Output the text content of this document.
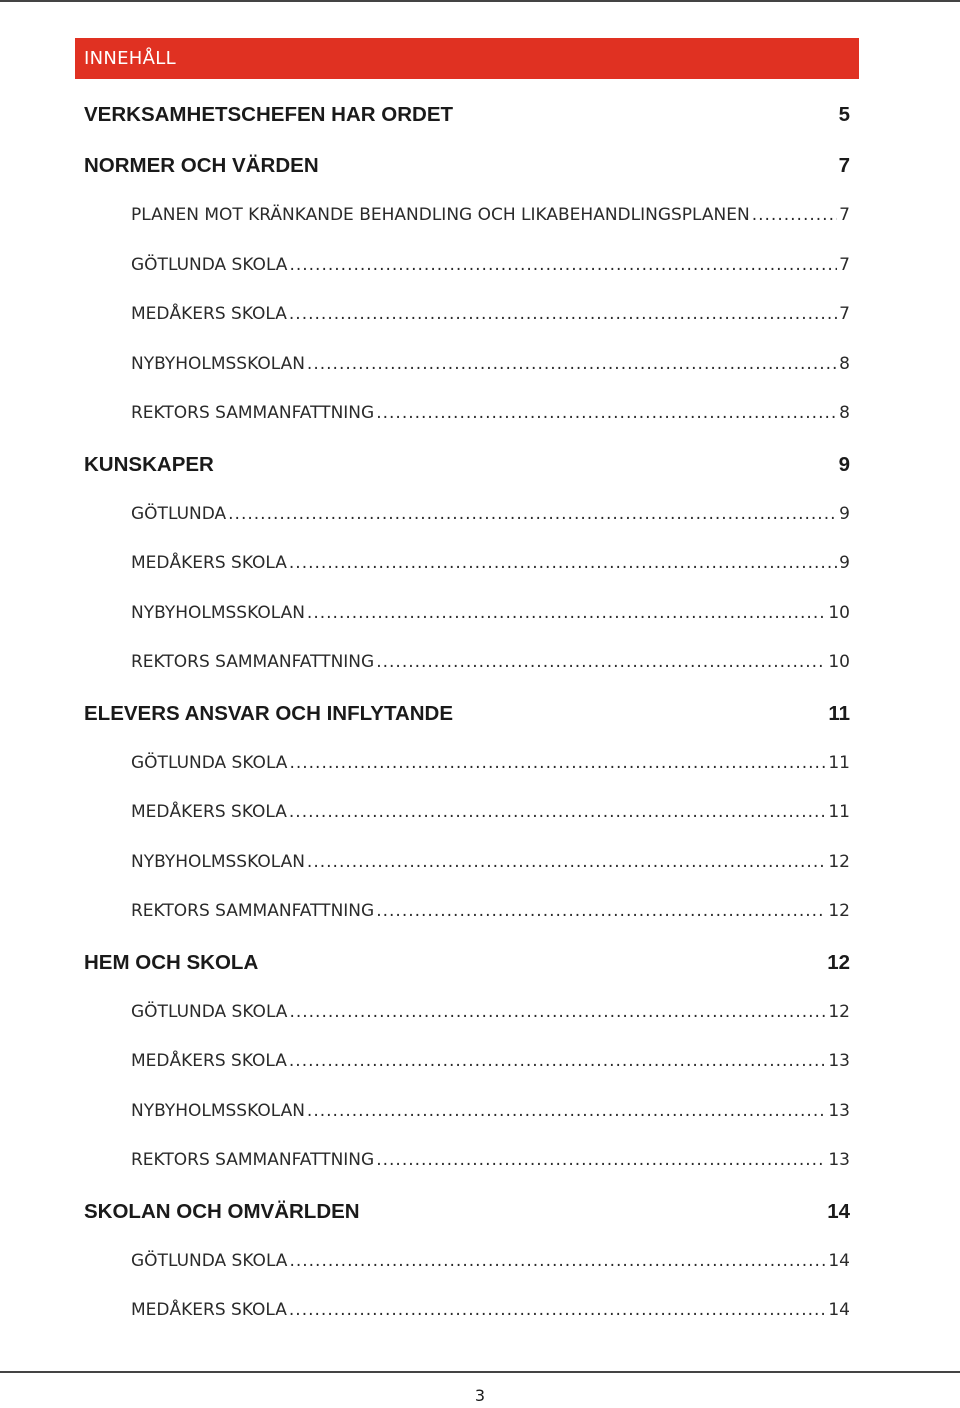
INNEHÅLL
VERKSAMHETSCHEFEN HAR ORDET	5
NORMER OCH VÄRDEN	7
PLANEN MOT KRÄNKANDE BEHANDLING OCH LIKABEHANDLINGSPLANEN .....	7
GÖTLUNDA SKOLA .....	7
MEDÅKERS SKOLA .....	7
NYBYHOLMSSKOLAN .....	8
REKTORS SAMMANFATTNING .....	8
KUNSKAPER	9
GÖTLUNDA .....	9
MEDÅKERS SKOLA .....	9
NYBYHOLMSSKOLAN .....	10
REKTORS SAMMANFATTNING .....	10
ELEVERS ANSVAR OCH INFLYTANDE	11
GÖTLUNDA SKOLA .....	11
MEDÅKERS SKOLA .....	11
NYBYHOLMSSKOLAN .....	12
REKTORS SAMMANFATTNING .....	12
HEM OCH SKOLA	12
GÖTLUNDA SKOLA .....	12
MEDÅKERS SKOLA .....	13
NYBYHOLMSSKOLAN .....	13
REKTORS SAMMANFATTNING .....	13
SKOLAN OCH OMVÄRLDEN	14
GÖTLUNDA SKOLA .....	14
MEDÅKERS SKOLA .....	14
3
